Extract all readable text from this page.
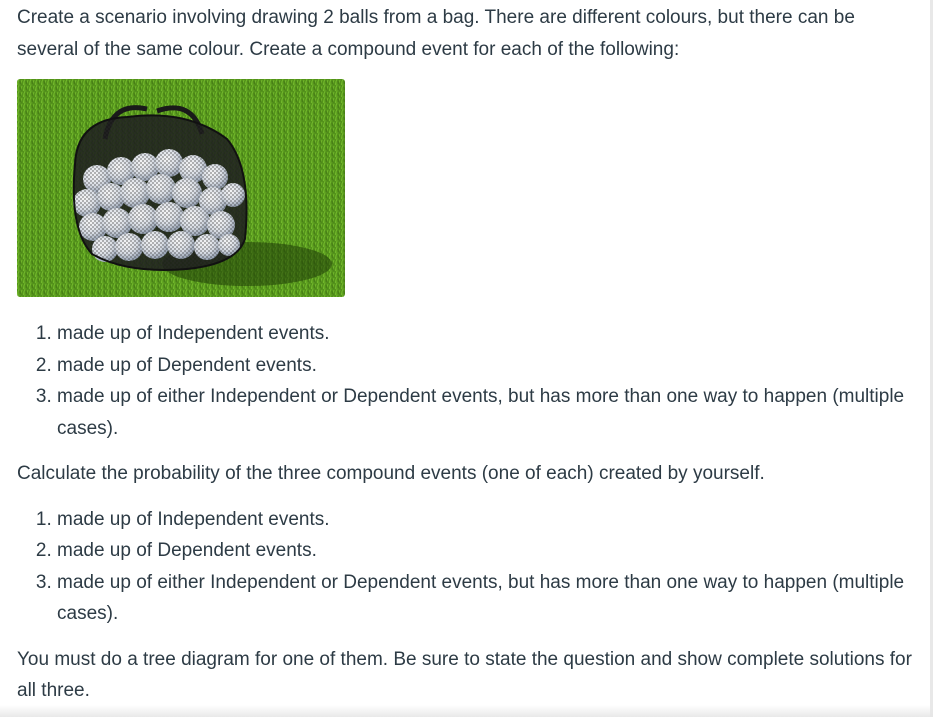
Create a scenario involving drawing 2 balls from a bag. There are different colours, but there can be several of the same colour. Create a compound event for each of the following:

1. made up of Independent events.
2. made up of Dependent events.
3. made up of either Independent or Dependent events, but has more than one way to happen (multiple cases).

Calculate the probability of the three compound events (one of each) created by yourself.

1. made up of Independent events.
2. made up of Dependent events.
3. made up of either Independent or Dependent events, but has more than one way to happen (multiple cases).

You must do a tree diagram for one of them. Be sure to state the question and show complete solutions for all three.
